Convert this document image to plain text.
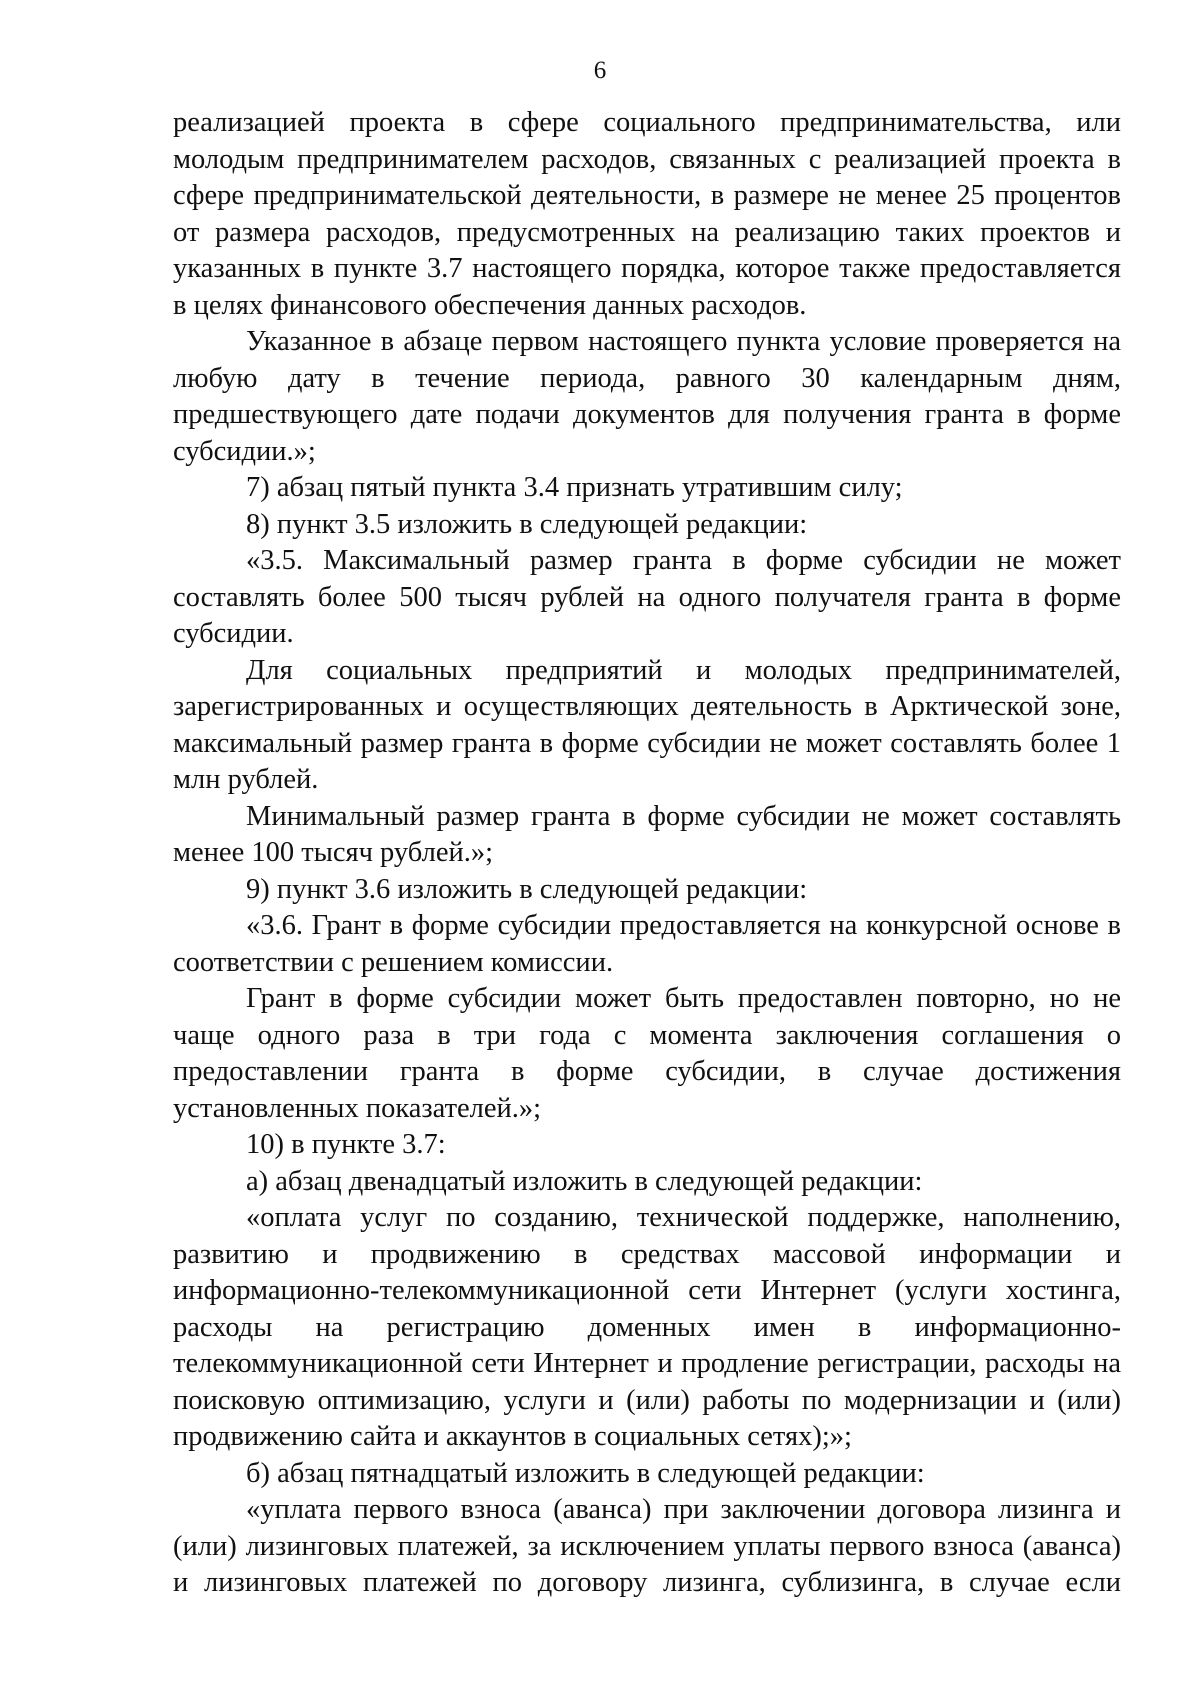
6

реализацией проекта в сфере социального предпринимательства, или молодым предпринимателем расходов, связанных с реализацией проекта в сфере предпринимательской деятельности, в размере не менее 25 процентов от размера расходов, предусмотренных на реализацию таких проектов и указанных в пункте 3.7 настоящего порядка, которое также предоставляется в целях финансового обеспечения данных расходов.

Указанное в абзаце первом настоящего пункта условие проверяется на любую дату в течение периода, равного 30 календарным дням, предшествующего дате подачи документов для получения гранта в форме субсидии.»;

7) абзац пятый пункта 3.4 признать утратившим силу;

8) пункт 3.5 изложить в следующей редакции:

«3.5. Максимальный размер гранта в форме субсидии не может составлять более 500 тысяч рублей на одного получателя гранта в форме субсидии.

Для социальных предприятий и молодых предпринимателей, зарегистрированных и осуществляющих деятельность в Арктической зоне, максимальный размер гранта в форме субсидии не может составлять более 1 млн рублей.

Минимальный размер гранта в форме субсидии не может составлять менее 100 тысяч рублей.»;

9) пункт 3.6 изложить в следующей редакции:

«3.6. Грант в форме субсидии предоставляется на конкурсной основе в соответствии с решением комиссии.

Грант в форме субсидии может быть предоставлен повторно, но не чаще одного раза в три года с момента заключения соглашения о предоставлении гранта в форме субсидии, в случае достижения установленных показателей.»;

10) в пункте 3.7:

а) абзац двенадцатый изложить в следующей редакции:

«оплата услуг по созданию, технической поддержке, наполнению, развитию и продвижению в средствах массовой информации и информационно-телекоммуникационной сети Интернет (услуги хостинга, расходы на регистрацию доменных имен в информационно-телекоммуникационной сети Интернет и продление регистрации, расходы на поисковую оптимизацию, услуги и (или) работы по модернизации и (или) продвижению сайта и аккаунтов в социальных сетях);»;

б) абзац пятнадцатый изложить в следующей редакции:

«уплата первого взноса (аванса) при заключении договора лизинга и (или) лизинговых платежей, за исключением уплаты первого взноса (аванса) и лизинговых платежей по договору лизинга, сублизинга, в случае если
